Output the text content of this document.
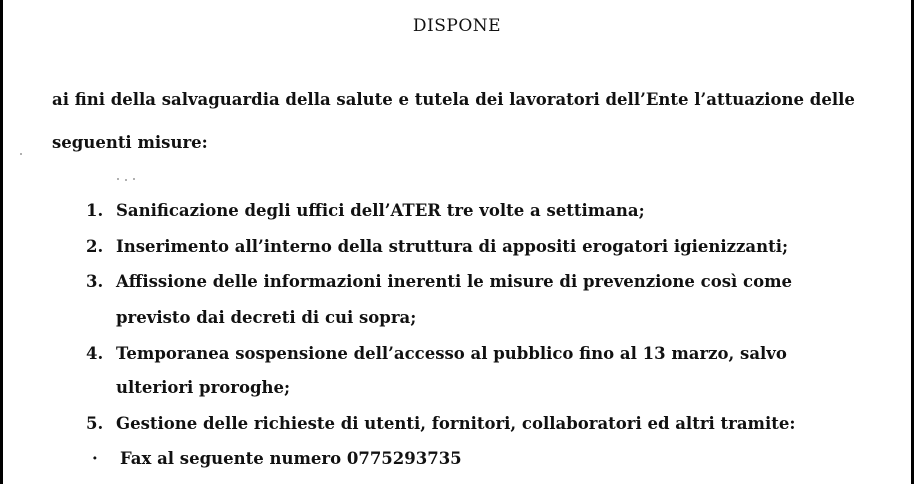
DISPONE
ai fini della salvaguardia della salute e tutela dei lavoratori dell’Ente l’attuazione delle
seguenti misure:
1. Sanificazione degli uffici dell’ATER tre volte a settimana;
2. Inserimento all’interno della struttura di appositi erogatori igienizzanti;
3. Affissione delle informazioni inerenti le misure di prevenzione così come
previsto dai decreti di cui sopra;
4. Temporanea sospensione dell’accesso al pubblico fino al 13 marzo, salvo
ulteriori proroghe;
5. Gestione delle richieste di utenti, fornitori, collaboratori ed altri tramite:
· Fax al seguente numero 0775293735
